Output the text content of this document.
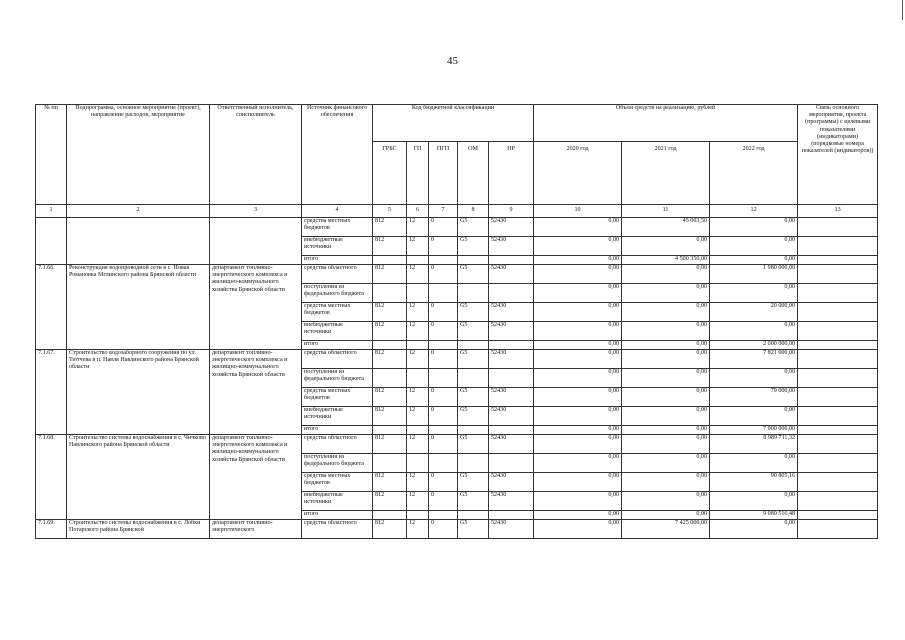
45
№ пп	Подпрограмма, основное мероприятие (проект), направление расходов, мероприятие	Ответственный исполнитель, соисполнитель	Источник финансового обеспечения	Код бюджетной классификации					Объем средств на реализацию, рублей			Связь основного мероприятия, проекта (программы) с целевыми показателями (индикаторами) (порядковые номера показателей (индикаторов))
				ГРБС	ГП	ПГП	ОМ	НР	2020 год	2021 год	2022 год	
1	2	3	4	5	6	7	8	9	10	11	12	13
			средства местных бюджетов	812	12	0	G5	52430	0,00	45 003,50	0,00	
			внебюджетные источники	812	12	0	G5	52430	0,00	0,00	0,00	
			итого						0,00	4 500 350,00	0,00	
7.1.66.	Реконструкция водопроводной сети в с. Новая Романовка Мглинского района Брянской области	департамент топливно-энергетического комплекса и жилищно-коммунального хозяйства Брянской области	средства областного	812	12	0	G5	52430	0,00	0,00	1 980 000,00	
			поступления из федерального бюджета						0,00	0,00	0,00	
			средства местных бюджетов	812	12	0	G5	52430	0,00	0,00	20 000,00	
			внебюджетные источники	812	12	0	G5	52430	0,00	0,00	0,00	
			итого						0,00	0,00	2 000 000,00	
7.1.67.	Строительство водозаборного сооружения по ул. Тютчева в п. Навля Навлинского района Брянской области	департамент топливно-энергетического комплекса и жилищно-коммунального хозяйства Брянской области	средства областного	812	12	0	G5	52430	0,00	0,00	7 821 000,00	
			поступления из федерального бюджета						0,00	0,00	0,00	
			средства местных бюджетов	812	12	0	G5	52430	0,00	0,00	79 000,00	
			внебюджетные источники	812	12	0	G5	52430	0,00	0,00	0,00	
			итого						0,00	0,00	7 900 000,00	
7.1.68.	Строительство системы водоснабжения в с. Чичково Навлинского района Брянской области	департамент топливно-энергетического комплекса и жилищно-коммунального хозяйства Брянской области	средства областного	812	12	0	G5	52430	0,00	0,00	8 989 711,32	
			поступления из федерального бюджета						0,00	0,00	0,00	
			средства местных бюджетов	812	12	0	G5	52430	0,00	0,00	90 805,16	
			внебюджетные источники	812	12	0	G5	52430	0,00	0,00	0,00	
			итого						0,00	0,00	9 080 516,48	
7.1.69.	Строительство системы водоснабжения в с. Лобки Погарского района Брянской	департамент топливно-энергетического	средства областного	812	12	0	G5	52430	0,00	7 425 000,00	0,00	
